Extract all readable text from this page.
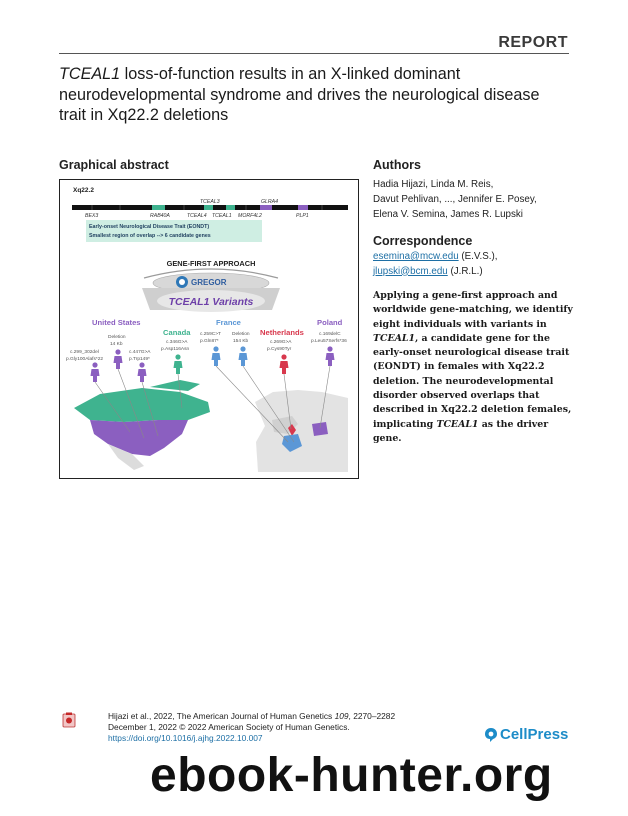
REPORT
TCEAL1 loss-of-function results in an X-linked dominant neurodevelopmental syndrome and drives the neurological disease trait in Xq22.2 deletions
Graphical abstract	Authors
Correspondence
Hadia Hijazi, Linda M. Reis,
Davut Pehlivan, ..., Jennifer E. Posey,
Elena V. Semina, James R. Lupski
esemina@mcw.edu (E.V.S.),
jlupski@bcm.edu (J.R.L.)
Applying a gene-first approach and worldwide gene-matching, we identify eight individuals with variants in TCEAL1, a candidate gene for the early-onset neurological disease trait (EONDT) in females with Xq22.2 deletion. The neurodevelopmental disorder observed overlaps that described in Xq22.2 deletion females, implicating TCEAL1 as the driver gene.
Xq22.2
TCEAL3	GLRA4
BEX3	RAB40A	TCEAL4 TCEAL1 MORF4L2	PLP1
Early-onset Neurological Disease Trait (EONDT)
Smallest region of overlap --> 6 candidate genes
GENE-FIRST APPROACH
GREGOR
TCEAL1 Variants
United States
Canada
France
Netherlands
Poland
Deletion
14 Kb
c.299_302del
p.Gly100Alafs*22
c.447G>A
p.Trp149*
c.346G>A
p.Asp116Asn
c.259C>T
p.Gln87*
Deletion
154 Kb	c.269G>A
p.Cys90Tyr
c.169delC
p.Leu57Serfs*36
Hijazi et al., 2022, The American Journal of Human Genetics 109, 2270–2282
December 1, 2022 © 2022 American Society of Human Genetics.
https://doi.org/10.1016/j.ajhg.2022.10.007	CellPress
ebook-hunter.org
